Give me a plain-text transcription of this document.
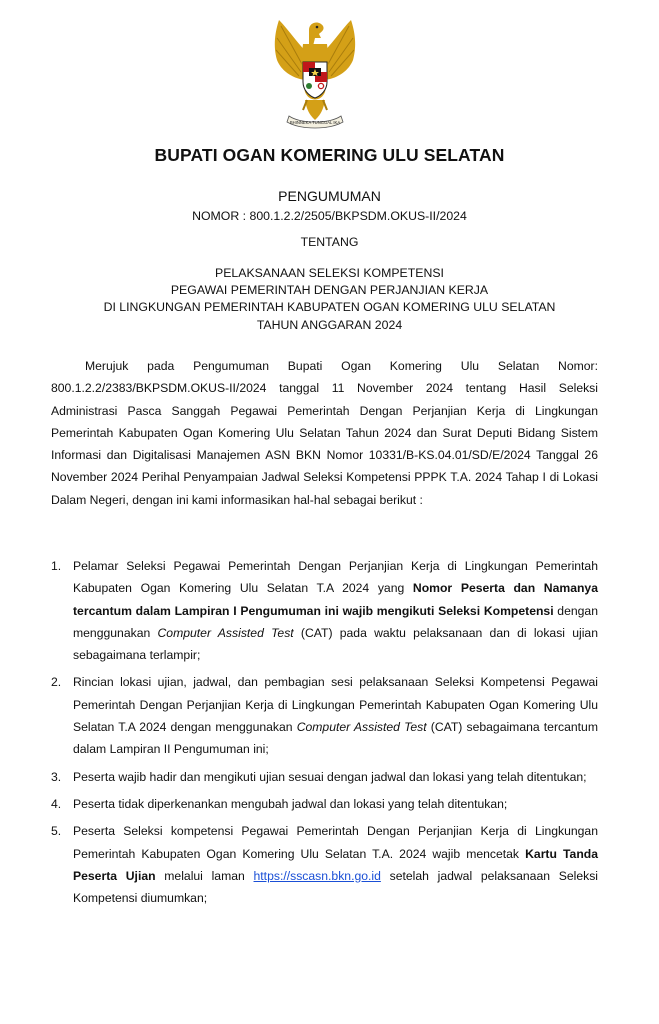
BHINNEKA TUNGGAL IKA

BUPATI OGAN KOMERING ULU SELATAN

PENGUMUMAN

NOMOR : 800.1.2.2/2505/BKPSDM.OKUS-II/2024

TENTANG

PELAKSANAAN SELEKSI KOMPETENSI
PEGAWAI PEMERINTAH DENGAN PERJANJIAN KERJA
DI LINGKUNGAN PEMERINTAH KABUPATEN OGAN KOMERING ULU SELATAN
TAHUN ANGGARAN 2024
Merujuk pada Pengumuman Bupati Ogan Komering Ulu Selatan Nomor: 800.1.2.2/2383/BKPSDM.OKUS-II/2024 tanggal 11 November 2024 tentang Hasil Seleksi Administrasi Pasca Sanggah Pegawai Pemerintah Dengan Perjanjian Kerja di Lingkungan Pemerintah Kabupaten Ogan Komering Ulu Selatan Tahun 2024 dan Surat Deputi Bidang Sistem Informasi dan Digitalisasi Manajemen ASN BKN Nomor 10331/B-KS.04.01/SD/E/2024 Tanggal 26 November 2024 Perihal Penyampaian Jadwal Seleksi Kompetensi PPPK T.A. 2024 Tahap I di Lokasi Dalam Negeri, dengan ini kami informasikan hal-hal sebagai berikut :
1. Pelamar Seleksi Pegawai Pemerintah Dengan Perjanjian Kerja di Lingkungan Pemerintah Kabupaten Ogan Komering Ulu Selatan T.A 2024 yang Nomor Peserta dan Namanya tercantum dalam Lampiran I Pengumuman ini wajib mengikuti Seleksi Kompetensi dengan menggunakan Computer Assisted Test (CAT) pada waktu pelaksanaan dan di lokasi ujian sebagaimana terlampir;
2. Rincian lokasi ujian, jadwal, dan pembagian sesi pelaksanaan Seleksi Kompetensi Pegawai Pemerintah Dengan Perjanjian Kerja di Lingkungan Pemerintah Kabupaten Ogan Komering Ulu Selatan T.A 2024 dengan menggunakan Computer Assisted Test (CAT) sebagaimana tercantum dalam Lampiran II Pengumuman ini;
3. Peserta wajib hadir dan mengikuti ujian sesuai dengan jadwal dan lokasi yang telah ditentukan;
4. Peserta tidak diperkenankan mengubah jadwal dan lokasi yang telah ditentukan;
5. Peserta Seleksi kompetensi Pegawai Pemerintah Dengan Perjanjian Kerja di Lingkungan Pemerintah Kabupaten Ogan Komering Ulu Selatan T.A. 2024 wajib mencetak Kartu Tanda Peserta Ujian melalui laman https://sscasn.bkn.go.id setelah jadwal pelaksanaan Seleksi Kompetensi diumumkan;
